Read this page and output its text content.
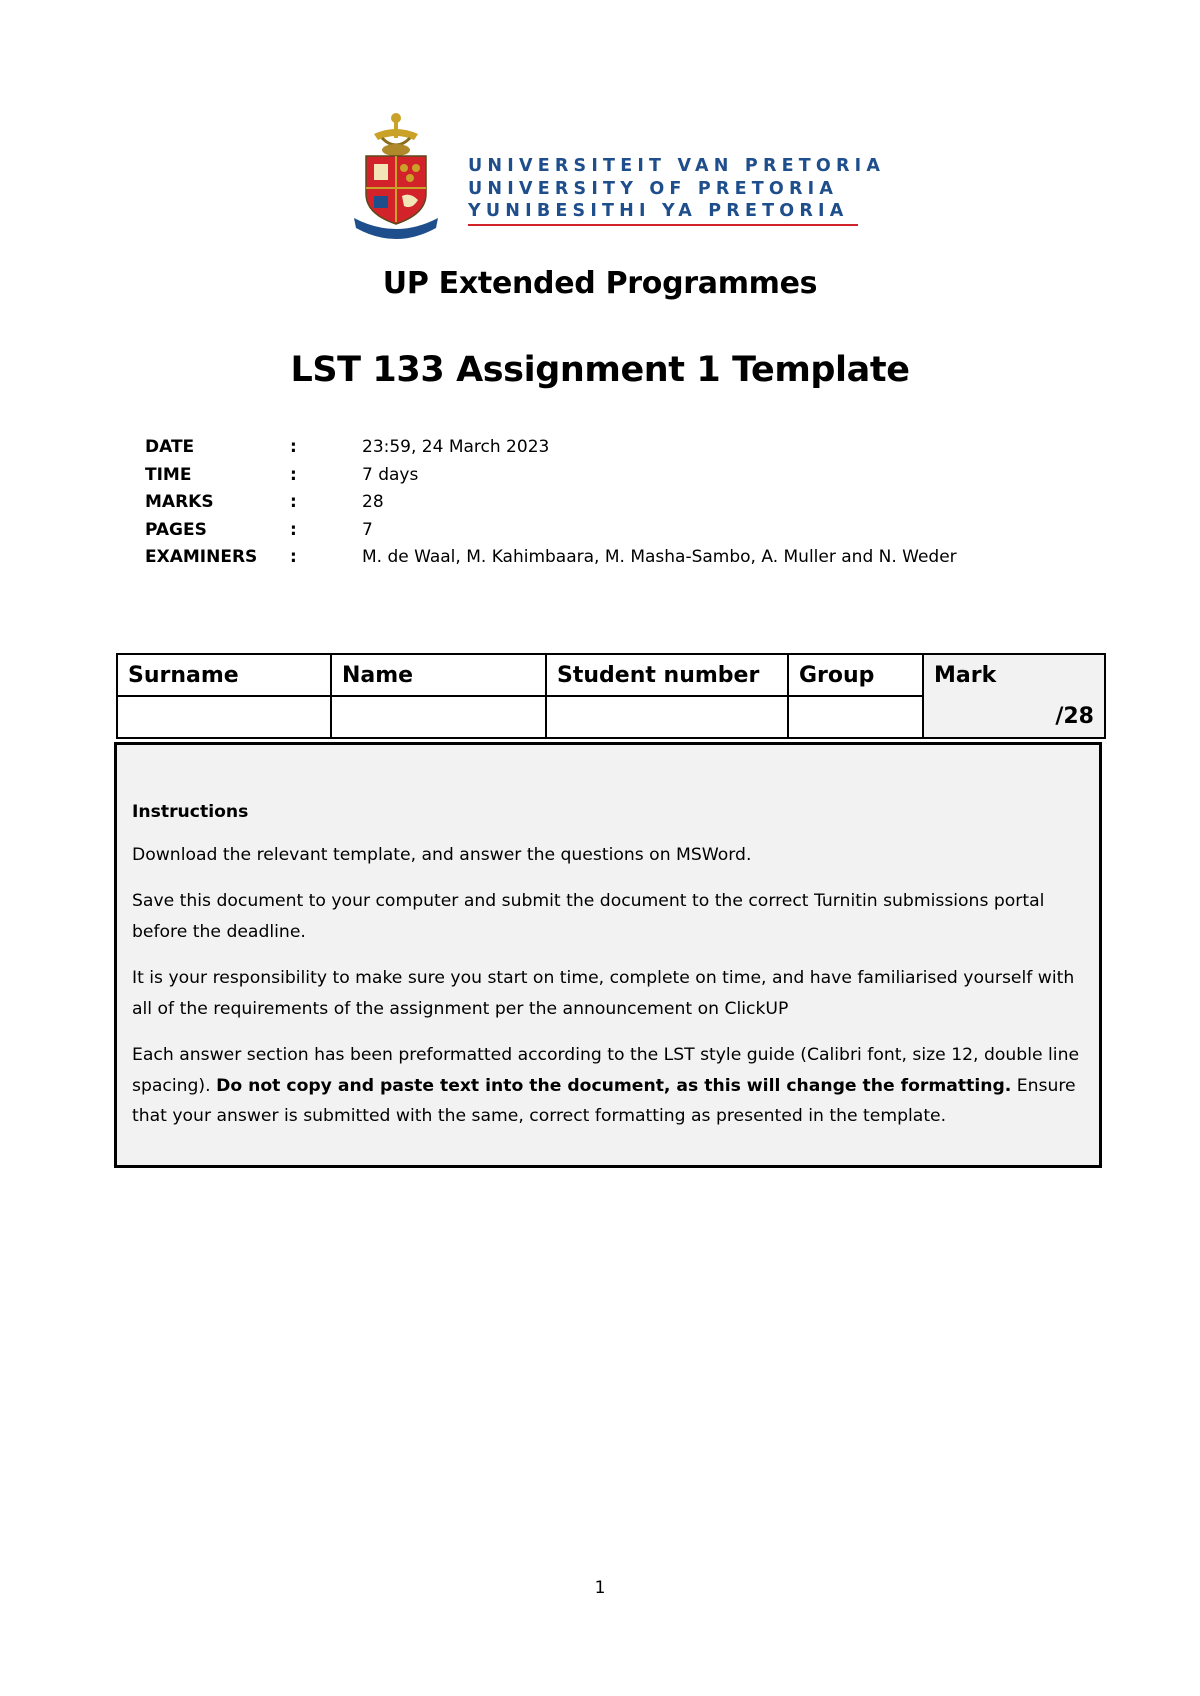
UNIVERSITEIT VAN PRETORIA
UNIVERSITY OF PRETORIA
YUNIBESITHI YA PRETORIA
UP Extended Programmes
LST 133 Assignment 1 Template
DATE	:	23:59, 24 March 2023
TIME	:	7 days
MARKS	:	28
PAGES	:	7
EXAMINERS :	M. de Waal, M. Kahimbaara, M. Masha-Sambo, A. Muller and N. Weder
Surname	Name	Student number	Group	Mark
				/28
Instructions

Download the relevant template, and answer the questions on MSWord.

Save this document to your computer and submit the document to the correct Turnitin submissions portal before the deadline.

It is your responsibility to make sure you start on time, complete on time, and have familiarised yourself with all of the requirements of the assignment per the announcement on ClickUP

Each answer section has been preformatted according to the LST style guide (Calibri font, size 12, double line spacing). Do not copy and paste text into the document, as this will change the formatting. Ensure that your answer is submitted with the same, correct formatting as presented in the template.

1
